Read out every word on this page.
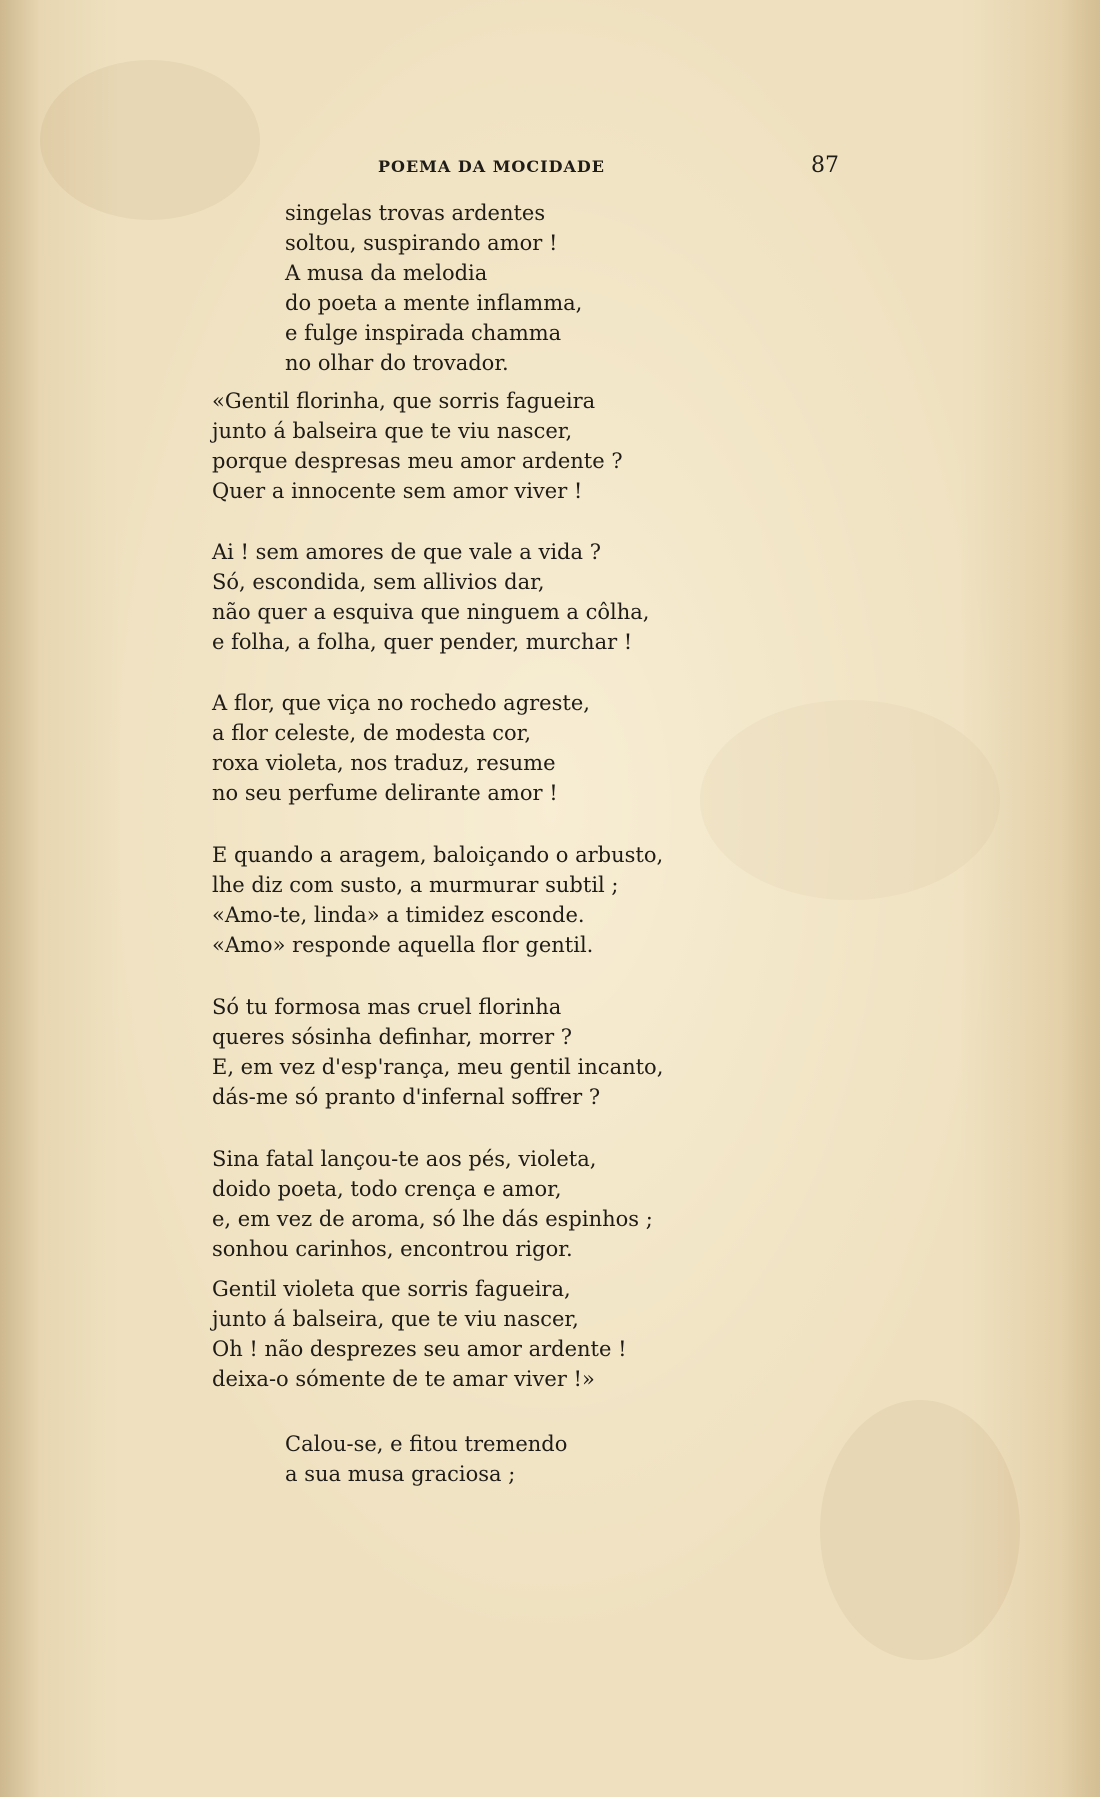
POEMA DA MOCIDADE	87
singelas trovas ardentes
soltou, suspirando amor !
A musa da melodia
do poeta a mente inflamma,
e fulge inspirada chamma
no olhar do trovador.
«Gentil florinha, que sorris fagueira
junto á balseira que te viu nascer,
porque despresas meu amor ardente ?
Quer a innocente sem amor viver !
Ai ! sem amores de que vale a vida ?
Só, escondida, sem allivios dar,
não quer a esquiva que ninguem a côlha,
e folha, a folha, quer pender, murchar !
A flor, que viça no rochedo agreste,
a flor celeste, de modesta cor,
roxa violeta, nos traduz, resume
no seu perfume delirante amor !
E quando a aragem, baloiçando o arbusto,
lhe diz com susto, a murmurar subtil ;
«Amo-te, linda» a timidez esconde.
«Amo» responde aquella flor gentil.
Só tu formosa mas cruel florinha
queres sósinha definhar, morrer ?
E, em vez d'esp'rança, meu gentil incanto,
dás-me só pranto d'infernal soffrer ?
Sina fatal lançou-te aos pés, violeta,
doido poeta, todo crença e amor,
e, em vez de aroma, só lhe dás espinhos ;
sonhou carinhos, encontrou rigor.
Gentil violeta que sorris fagueira,
junto á balseira, que te viu nascer,
Oh ! não desprezes seu amor ardente !
deixa-o sómente de te amar viver !»
Calou-se, e fitou tremendo
a sua musa graciosa ;
